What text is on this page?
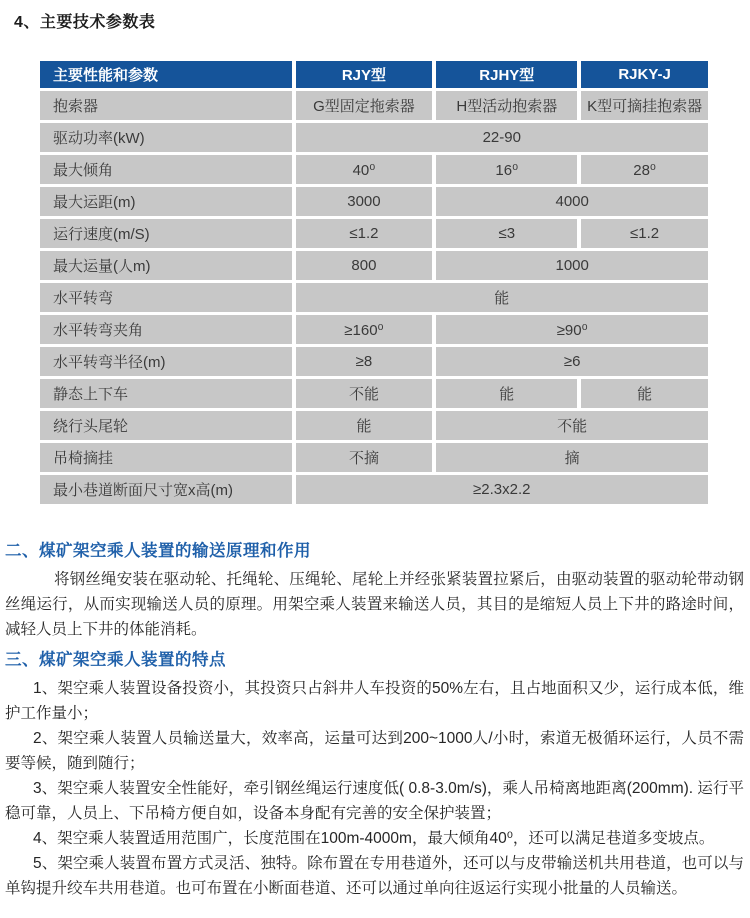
4、主要技术参数表
主要性能和参数	RJY型	RJHY型	RJKY-J
抱索器	G型固定拖索器	H型活动抱索器	K型可摘挂抱索器
驱动功率(kW)	22-90		
最大倾角	40⁰	16⁰	28⁰
最大运距(m)	3000	4000	
运行速度(m/S)	≤1.2	≤3	≤1.2
最大运量(人m)	800	1000	
水平转弯	能		
水平转弯夹角	≥160⁰	≥90⁰	
水平转弯半径(m)	≥8	≥6	
静态上下车	不能	能	能
绕行头尾轮	能	不能	
吊椅摘挂	不摘	摘	
最小巷道断面尺寸宽x高(m)	≥2.3x2.2		
二、煤矿架空乘人装置的输送原理和作用

将钢丝绳安装在驱动轮、托绳轮、压绳轮、尾轮上并经张紧装置拉紧后，由驱动装置的驱动轮带动钢丝绳运行，从而实现输送人员的原理。用架空乘人装置来输送人员，其目的是缩短人员上下井的路途时间，减轻人员上下井的体能消耗。

三、煤矿架空乘人装置的特点

1、架空乘人装置设备投资小，其投资只占斜井人车投资的50%左右，且占地面积又少，运行成本低，维护工作量小；

2、架空乘人装置人员输送量大，效率高，运量可达到200~1000人/小时，索道无极循环运行，人员不需要等候，随到随行；

3、架空乘人装置安全性能好，牵引钢丝绳运行速度低( 0.8-3.0m/s)，乘人吊椅离地距离(200mm). 运行平稳可靠，人员上、下吊椅方便自如，设备本身配有完善的安全保护装置；

4、架空乘人装置适用范围广，长度范围在100m-4000m，最大倾角40⁰，还可以满足巷道多变坡点。

5、架空乘人装置布置方式灵活、独特。除布置在专用巷道外，还可以与皮带输送机共用巷道，也可以与单钩提升绞车共用巷道。也可布置在小断面巷道、还可以通过单向往返运行实现小批量的人员输送。
